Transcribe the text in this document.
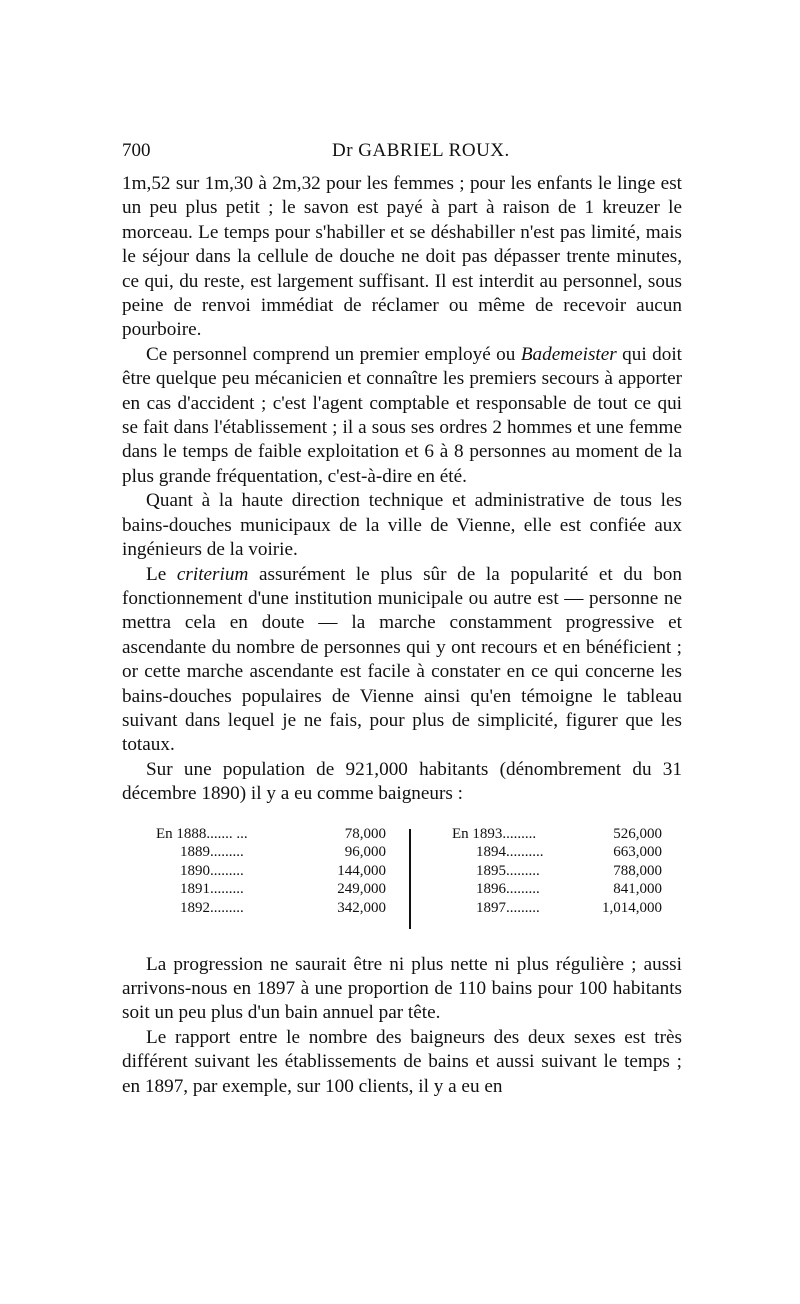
700	Dr GABRIEL ROUX.

1m,52 sur 1m,30 à 2m,32 pour les femmes ; pour les enfants le linge est un peu plus petit ; le savon est payé à part à raison de 1 kreuzer le morceau. Le temps pour s'habiller et se déshabiller n'est pas limité, mais le séjour dans la cellule de douche ne doit pas dépasser trente minutes, ce qui, du reste, est largement suffisant. Il est interdit au personnel, sous peine de renvoi immédiat de réclamer ou même de recevoir aucun pourboire.

Ce personnel comprend un premier employé ou Bademeister qui doit être quelque peu mécanicien et connaître les premiers secours à apporter en cas d'accident ; c'est l'agent comptable et responsable de tout ce qui se fait dans l'établissement ; il a sous ses ordres 2 hommes et une femme dans le temps de faible exploitation et 6 à 8 personnes au moment de la plus grande fréquentation, c'est-à-dire en été.

Quant à la haute direction technique et administrative de tous les bains-douches municipaux de la ville de Vienne, elle est confiée aux ingénieurs de la voirie.

Le criterium assurément le plus sûr de la popularité et du bon fonctionnement d'une institution municipale ou autre est — personne ne mettra cela en doute — la marche constamment progressive et ascendante du nombre de personnes qui y ont recours et en bénéficient ; or cette marche ascendante est facile à constater en ce qui concerne les bains-douches populaires de Vienne ainsi qu'en témoigne le tableau suivant dans lequel je ne fais, pour plus de simplicité, figurer que les totaux.

Sur une population de 921,000 habitants (dénombrement du 31 décembre 1890) il y a eu comme baigneurs :

En 1888....... ...	78,000
1889.........	96,000
1890.........	144,000
1891.........	249,000
1892.........	342,000
En 1893.........	526,000
1894..........	663,000
1895.........	788,000
1896.........	841,000
1897.........	1,014,000

La progression ne saurait être ni plus nette ni plus régulière ; aussi arrivons-nous en 1897 à une proportion de 110 bains pour 100 habitants soit un peu plus d'un bain annuel par tête.

Le rapport entre le nombre des baigneurs des deux sexes est très différent suivant les établissements de bains et aussi suivant le temps ; en 1897, par exemple, sur 100 clients, il y a eu en
